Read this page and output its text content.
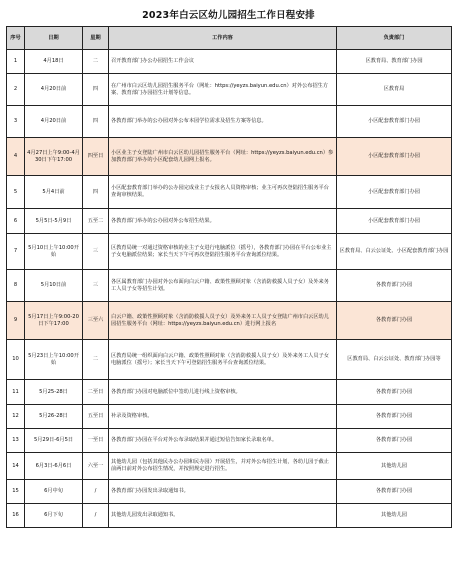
2023年白云区幼儿园招生工作日程安排
序号	日期	星期	工作内容	负责部门
1	4月18日	二	召开教育部门办公办园招生工作会议	区教育局、教育部门办园
2	4月20日前	四	在广州市白云区幼儿园招生服务平台（网址：https://yeyzs.baiyun.edu.cn）对外公布招生方案、教育部门办园招生计划等信息。	区教育局
3	4月20日前	四	各教育部门举办的公办园对外公布本园学位需求及招生方案等信息。	小区配套教育部门办园
4	4月27日上午9:00-4月30日下午17:00	四至日	小区业主子女登陆广州市白云区幼儿园招生服务平台（网址：https://yeyzs.baiyun.edu.cn）参加教育部门举办的小区配套幼儿园网上报名。	小区配套教育部门办园
5	5月4日前	四	小区配套教育部门举办的公办园完成业主子女报名人员资格审核；业主可再次登陆招生服务平台查询审核结果。	小区配套教育部门办园
6	5月5日-5月9日	五至二	各教育部门举办的公办园对外公布招生结果。	小区配套教育部门办园
7	5月10日上午10:00开始	三	区教育局统一对通过资格审核的业主子女进行电脑派位（摇号），各教育部门办园在平台公布业主子女电脑派位结果；家长当天下午可再次登陆招生服务平台查询派位结果。	区教育局、白云公证处、小区配套教育部门办园
8	5月10日前	三	各区属教育部门办园对外公布面向白云户籍、政策性照顾对象（含消防救援人员子女）及外来务工人员子女等招生计划。	各教育部门办园
9	5月17日上午9:00-20日下午17:00	三至六	白云户籍、政策性照顾对象（含消防救援人员子女）及外来务工人员子女登陆广州市白云区幼儿园招生服务平台（网址：https://yeyzs.baiyun.edu.cn）进行网上报名	各教育部门办园
10	5月23日上午10:00开始	二	区教育局统一组织面向白云户籍、政策性照顾对象（含消防救援人员子女）及外来务工人员子女电脑派位（摇号）；家长当天下午可登陆招生服务平台查询派位结果。	区教育局、白云公证处、教育部门办园等
11	5月25-28日	二至日	各教育部门办园对电脑派位中签幼儿进行线上资格审核。	各教育部门办园
12	5月26-28日	五至日	补录及资格审核。	各教育部门办园
13	5月29日-6月5日	一至日	各教育部门办园在平台对外公布录取结果并通过短信告知家长录取名单。	各教育部门办园
14	6月3日-6月6日	六至一	其他幼儿园（包括其他民办公办园和民办园）开展招生，并对外公布招生计划，各幼儿园于截止前两日前对外公布招生情况，并按照规定进行招生。	其他幼儿园
15	6月中旬	/	各教育部门办园发出录取通知书。	各教育部门办园
16	6月下旬	/	其他幼儿园发出录取通知书。	其他幼儿园
